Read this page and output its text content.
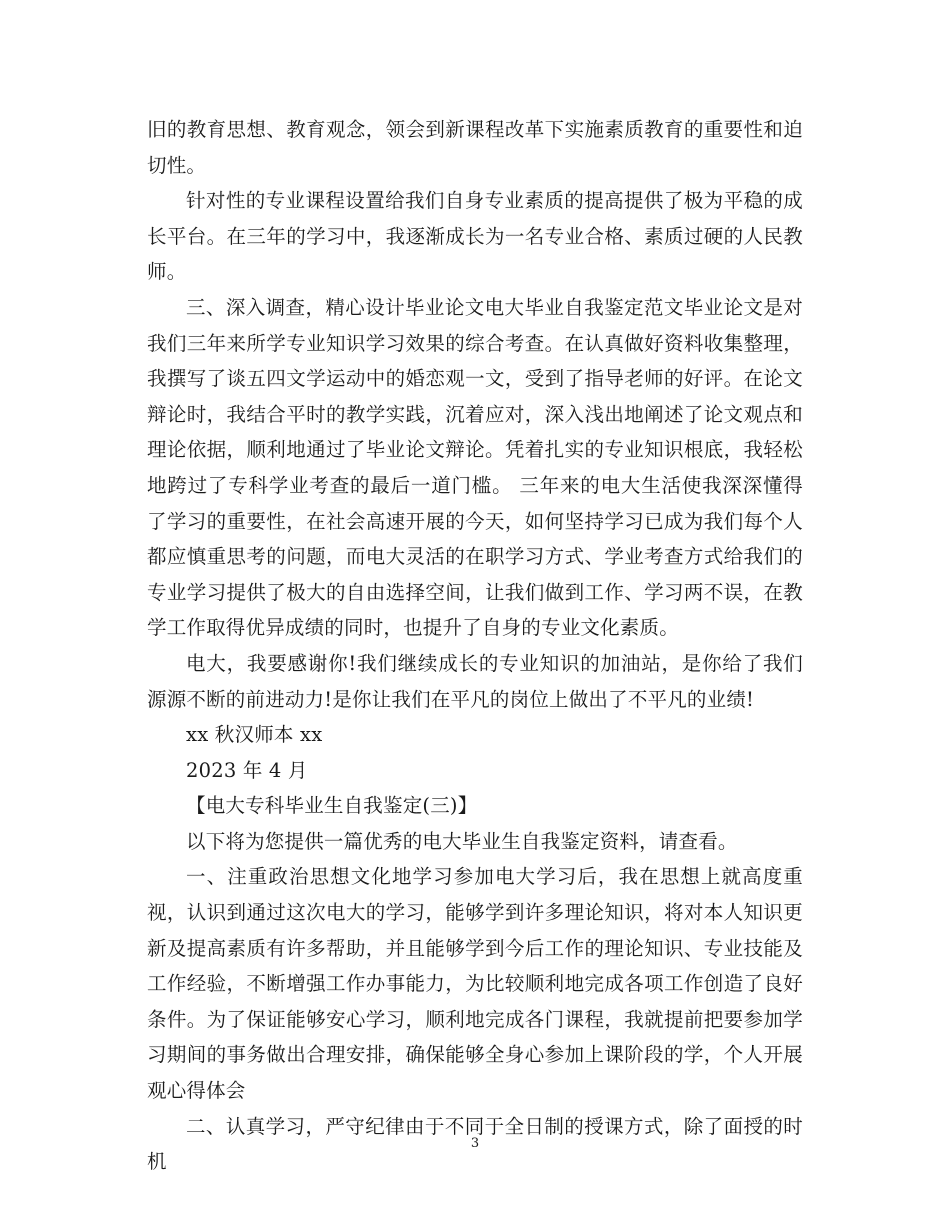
旧的教育思想、教育观念，领会到新课程改革下实施素质教育的重要性和迫切性。

针对性的专业课程设置给我们自身专业素质的提高提供了极为平稳的成长平台。在三年的学习中，我逐渐成长为一名专业合格、素质过硬的人民教师。

三、深入调查，精心设计毕业论文电大毕业自我鉴定范文毕业论文是对我们三年来所学专业知识学习效果的综合考查。在认真做好资料收集整理，我撰写了谈五四文学运动中的婚恋观一文，受到了指导老师的好评。在论文辩论时，我结合平时的教学实践，沉着应对，深入浅出地阐述了论文观点和理论依据，顺利地通过了毕业论文辩论。凭着扎实的专业知识根底，我轻松地跨过了专科学业考查的最后一道门槛。 三年来的电大生活使我深深懂得了学习的重要性，在社会高速开展的今天，如何坚持学习已成为我们每个人都应慎重思考的问题，而电大灵活的在职学习方式、学业考查方式给我们的专业学习提供了极大的自由选择空间，让我们做到工作、学习两不误，在教学工作取得优异成绩的同时，也提升了自身的专业文化素质。

电大，我要感谢你!我们继续成长的专业知识的加油站，是你给了我们源源不断的前进动力!是你让我们在平凡的岗位上做出了不平凡的业绩!

xx 秋汉师本 xx

2023 年 4 月

【电大专科毕业生自我鉴定(三)】

以下将为您提供一篇优秀的电大毕业生自我鉴定资料，请查看。

一、注重政治思想文化地学习参加电大学习后，我在思想上就高度重视，认识到通过这次电大的学习，能够学到许多理论知识，将对本人知识更新及提高素质有许多帮助，并且能够学到今后工作的理论知识、专业技能及工作经验，不断增强工作办事能力，为比较顺利地完成各项工作创造了良好条件。为了保证能够安心学习，顺利地完成各门课程，我就提前把要参加学习期间的事务做出合理安排，确保能够全身心参加上课阶段的学，个人开展观心得体会

二、认真学习，严守纪律由于不同于全日制的授课方式，除了面授的时机

3
